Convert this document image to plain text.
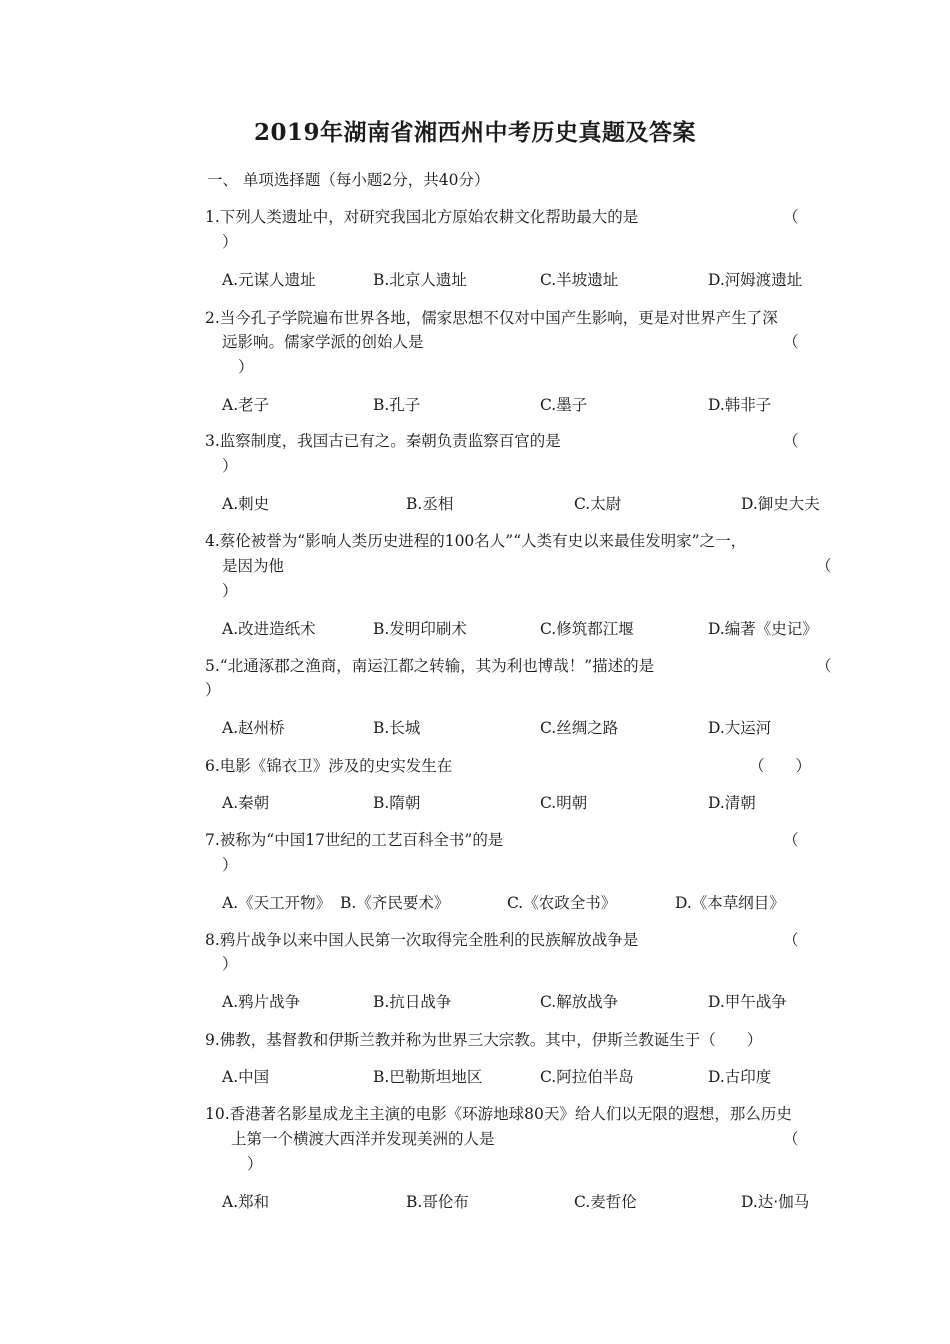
2019年湖南省湘西州中考历史真题及答案
一、 单项选择题（每小题2分，共40分）
1.下列人类遗址中，对研究我国北方原始农耕文化帮助最大的是	（
）
A.元谋人遗址	B.北京人遗址	C.半坡遗址	D.河姆渡遗址
2.当今孔子学院遍布世界各地，儒家思想不仅对中国产生影响，更是对世界产生了深
远影响。儒家学派的创始人是	（
）
A.老子	B.孔子	C.墨子	D.韩非子
3.监察制度，我国古已有之。秦朝负责监察百官的是	（
）
A.刺史	B.丞相	C.太尉	D.御史大夫
4.蔡伦被誉为“影响人类历史进程的100名人”“人类有史以来最佳发明家”之一，
是因为他	（
）
A.改进造纸术	B.发明印刷术	C.修筑都江堰	D.编著《史记》
5.“北通涿郡之渔商，南运江都之转输，其为利也博哉！”描述的是	（
）
A.赵州桥	B.长城	C.丝绸之路	D.大运河
6.电影《锦衣卫》涉及的史实发生在	（　　）
A.秦朝	B.隋朝	C.明朝	D.清朝
7.被称为“中国17世纪的工艺百科全书”的是	（
）
A.《天工开物》 B.《齐民要术》	C.《农政全书》	D.《本草纲目》
8.鸦片战争以来中国人民第一次取得完全胜利的民族解放战争是	（
）
A.鸦片战争	B.抗日战争	C.解放战争	D.甲午战争
9.佛教，基督教和伊斯兰教并称为世界三大宗教。其中，伊斯兰教诞生于（　　）
A.中国	B.巴勒斯坦地区	C.阿拉伯半岛	D.古印度
10.香港著名影星成龙主主演的电影《环游地球80天》给人们以无限的遐想，那么历史
上第一个横渡大西洋并发现美洲的人是	（
）
A.郑和	B.哥伦布	C.麦哲伦	D.达·伽马
